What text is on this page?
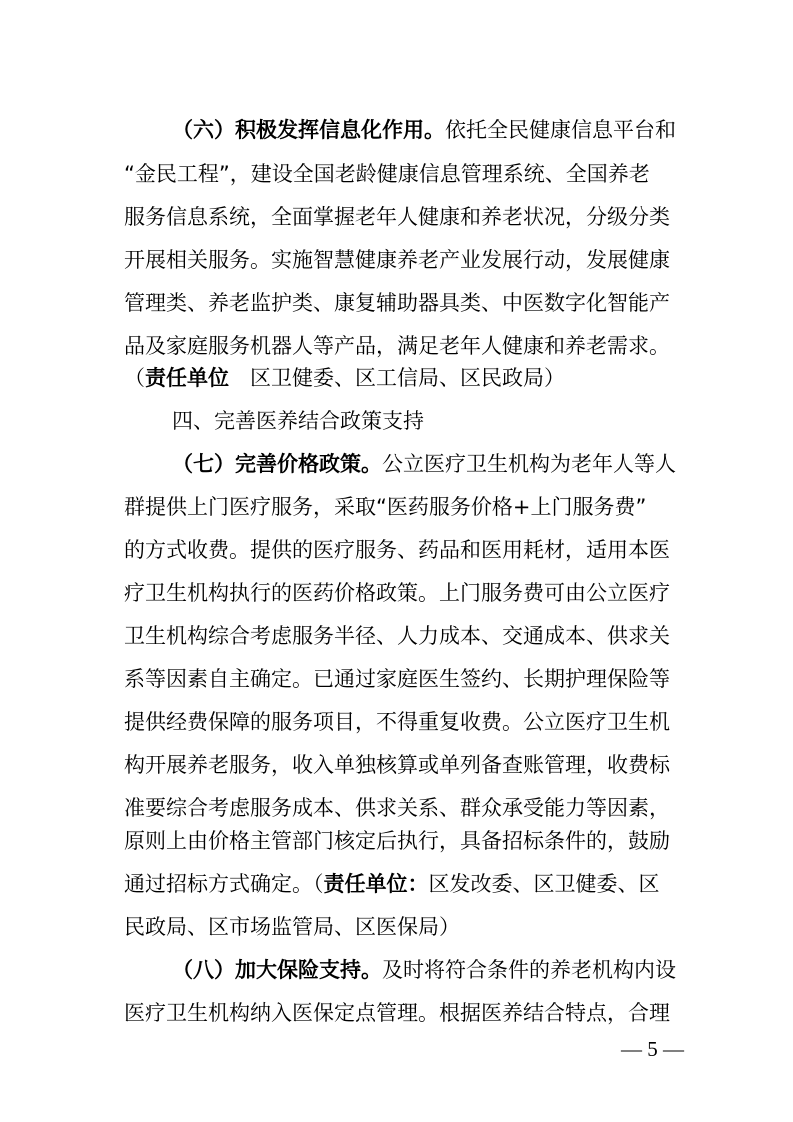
（六）积极发挥信息化作用。依托全民健康信息平台和
“金民工程”，建设全国老龄健康信息管理系统、全国养老
服务信息系统，全面掌握老年人健康和养老状况，分级分类
开展相关服务。实施智慧健康养老产业发展行动，发展健康
管理类、养老监护类、康复辅助器具类、中医数字化智能产
品及家庭服务机器人等产品，满足老年人健康和养老需求。
（责任单位　区卫健委、区工信局、区民政局）
四、完善医养结合政策支持
（七）完善价格政策。公立医疗卫生机构为老年人等人
群提供上门医疗服务，采取“医药服务价格+上门服务费”
的方式收费。提供的医疗服务、药品和医用耗材，适用本医
疗卫生机构执行的医药价格政策。上门服务费可由公立医疗
卫生机构综合考虑服务半径、人力成本、交通成本、供求关
系等因素自主确定。已通过家庭医生签约、长期护理保险等
提供经费保障的服务项目，不得重复收费。公立医疗卫生机
构开展养老服务，收入单独核算或单列备查账管理，收费标
准要综合考虑服务成本、供求关系、群众承受能力等因素，
原则上由价格主管部门核定后执行，具备招标条件的，鼓励
通过招标方式确定。（责任单位：区发改委、区卫健委、区
民政局、区市场监管局、区医保局）
（八）加大保险支持。及时将符合条件的养老机构内设
医疗卫生机构纳入医保定点管理。根据医养结合特点，合理
— 5 —
